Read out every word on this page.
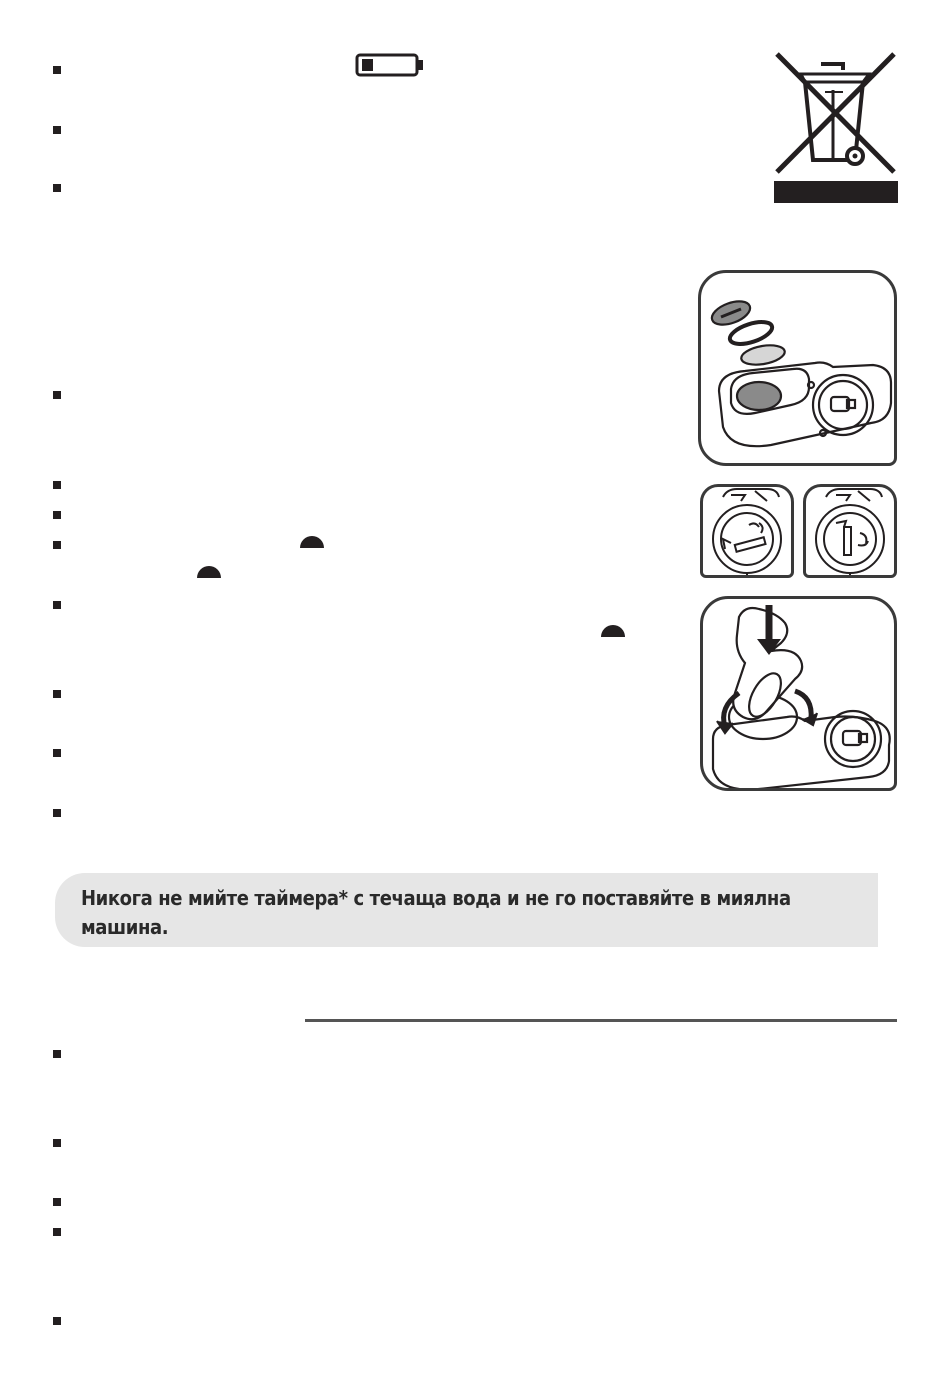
Никога не мийте таймера* с течаща вода и не го поставяйте в миялна

машина.
